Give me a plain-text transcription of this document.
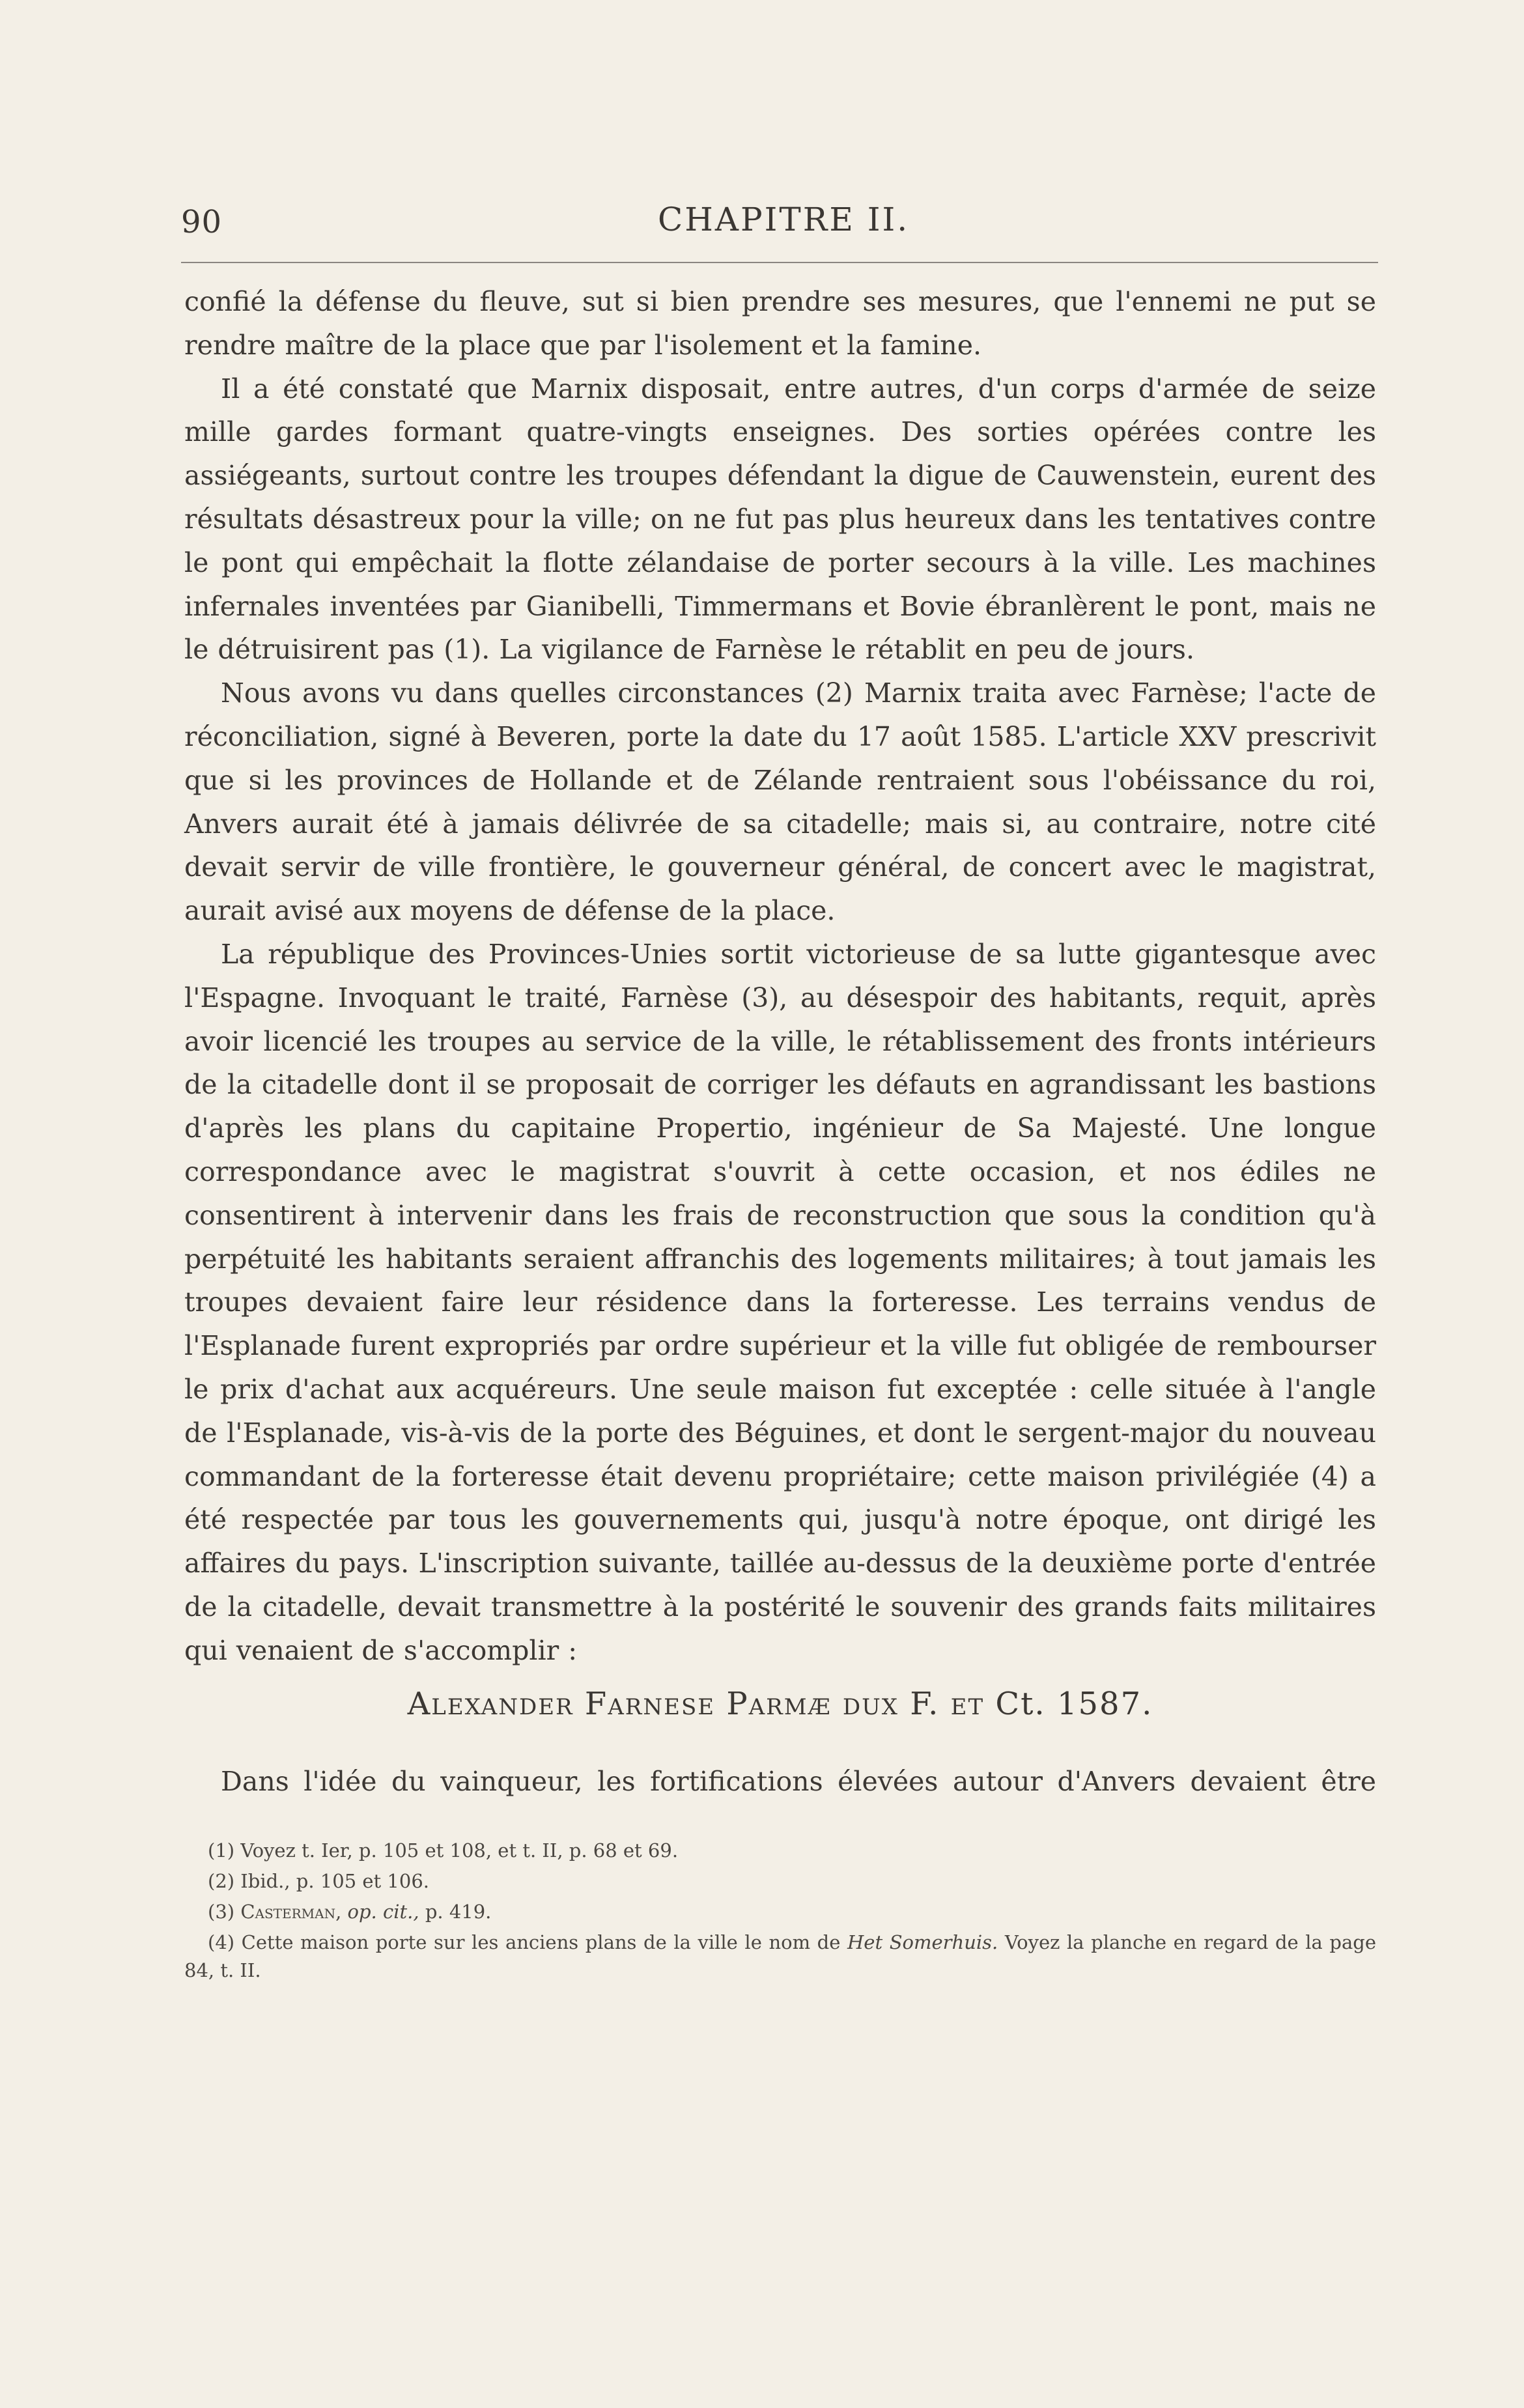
90	CHAPITRE II.

confié la défense du fleuve, sut si bien prendre ses mesures, que l'ennemi ne put se rendre maître de la place que par l'isolement et la famine.

Il a été constaté que Marnix disposait, entre autres, d'un corps d'armée de seize mille gardes formant quatre-vingts enseignes. Des sorties opérées contre les assiégeants, surtout contre les troupes défendant la digue de Cauwenstein, eurent des résultats désastreux pour la ville; on ne fut pas plus heureux dans les tentatives contre le pont qui empêchait la flotte zélandaise de porter secours à la ville. Les machines infernales inventées par Gianibelli, Timmermans et Bovie ébranlèrent le pont, mais ne le détruisirent pas (1). La vigilance de Farnèse le rétablit en peu de jours.

Nous avons vu dans quelles circonstances (2) Marnix traita avec Farnèse; l'acte de réconciliation, signé à Beveren, porte la date du 17 août 1585. L'article XXV prescrivit que si les provinces de Hollande et de Zélande rentraient sous l'obéissance du roi, Anvers aurait été à jamais délivrée de sa citadelle; mais si, au contraire, notre cité devait servir de ville frontière, le gouverneur général, de concert avec le magistrat, aurait avisé aux moyens de défense de la place.

La république des Provinces-Unies sortit victorieuse de sa lutte gigantesque avec l'Espagne. Invoquant le traité, Farnèse (3), au désespoir des habitants, requit, après avoir licencié les troupes au service de la ville, le rétablissement des fronts intérieurs de la citadelle dont il se proposait de corriger les défauts en agrandissant les bastions d'après les plans du capitaine Propertio, ingénieur de Sa Majesté. Une longue correspondance avec le magistrat s'ouvrit à cette occasion, et nos édiles ne consentirent à intervenir dans les frais de reconstruction que sous la condition qu'à perpétuité les habitants seraient affranchis des logements militaires; à tout jamais les troupes devaient faire leur résidence dans la forteresse. Les terrains vendus de l'Esplanade furent expropriés par ordre supérieur et la ville fut obligée de rembourser le prix d'achat aux acquéreurs. Une seule maison fut exceptée : celle située à l'angle de l'Esplanade, vis-à-vis de la porte des Béguines, et dont le sergent-major du nouveau commandant de la forteresse était devenu propriétaire; cette maison privilégiée (4) a été respectée par tous les gouvernements qui, jusqu'à notre époque, ont dirigé les affaires du pays. L'inscription suivante, taillée au-dessus de la deuxième porte d'entrée de la citadelle, devait transmettre à la postérité le souvenir des grands faits militaires qui venaient de s'accomplir :

Alexander Farnese Parmæ dux F. et Ct. 1587.
Dans l'idée du vainqueur, les fortifications élevées autour d'Anvers devaient être

(1) Voyez t. Ier, p. 105 et 108, et t. II, p. 68 et 69.

(2) Ibid., p. 105 et 106.

(3) Casterman, op. cit., p. 419.

(4) Cette maison porte sur les anciens plans de la ville le nom de Het Somerhuis. Voyez la planche en regard de la page 84, t. II.
